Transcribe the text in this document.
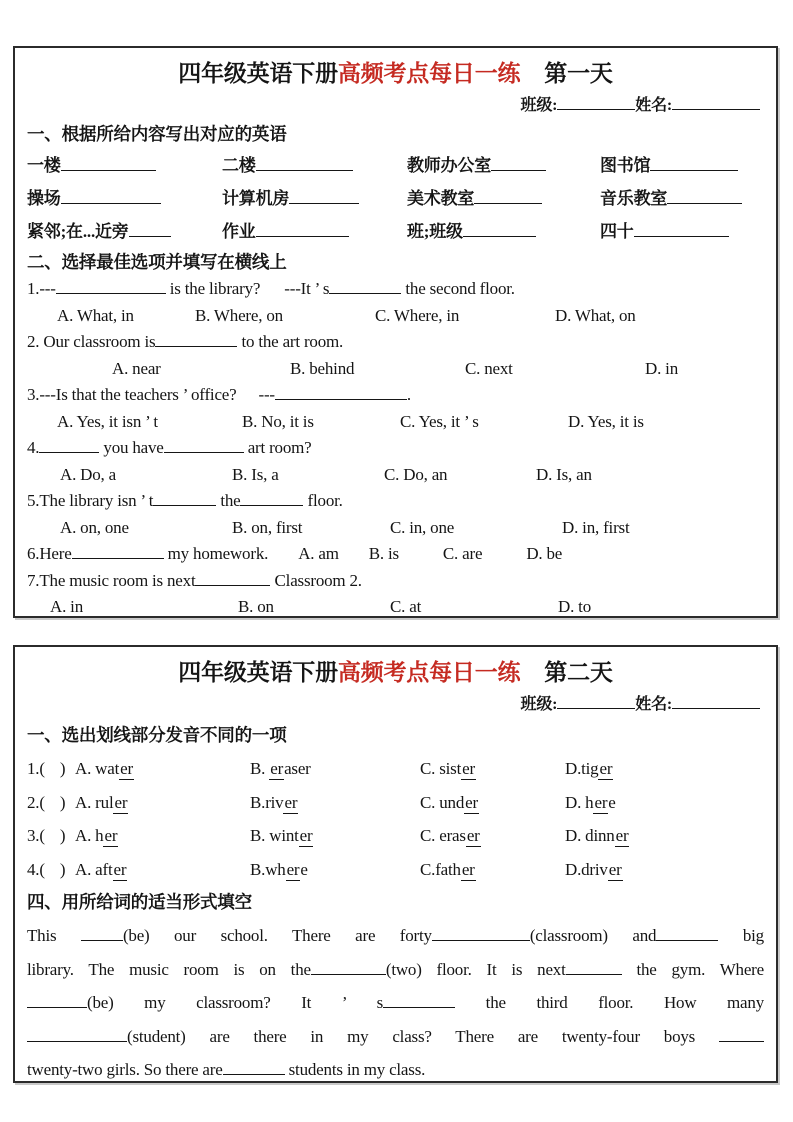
四年级英语下册高频考点每日一练 第一天
班级:	姓名:
一、根据所给内容写出对应的英语
一楼	二楼	教师办公室	图书馆
操场	计算机房	美术教室	音乐教室
紧邻;在...近旁	作业	班;班级	四十
二、选择最佳选项并填写在横线上
1.---	is the library? ---It ’ s	the second floor.
A. What, in	B. Where, on	C. Where, in	D. What, on
2. Our classroom is	to the art room.
A. near	B. behind	C. next	D. in
3.---Is that the teachers ’ office? ---	.
A. Yes, it isn ’ t	B. No, it is	C. Yes, it ’ s	D. Yes, it is
4.	you have	art room?
A. Do, a	B. Is, a	C. Do, an	D. Is, an
5.The library isn ’ t	the	floor.
A. on, one	B. on, first	C. in, one	D. in, first
6.Here	my homework. A. am B. is	C. are	D. be
7.The music room is next	Classroom 2.
A. in	B. on	C. at	D. to
四年级英语下册高频考点每日一练 第二天
班级:	姓名:
一、选出划线部分发音不同的一项
1.( ) A. water	B. eraser	C. sister	D.tiger
2.( ) A. ruler	B.river	C. under	D. here
3.( ) A. her	B. winter	C. eraser	D. dinner
4.( ) A. after	B.where	C.father	D.driver
四、用所给词的适当形式填空
This (be) our school. There are forty	(classroom) and	big
library. The music room is on the	(two) floor. It is next	the gym. Where
(be) my classroom? It ’ s	the third floor. How many
(student) are there in my class? There are twenty-four boys
twenty-two girls. So there are	students in my class.
